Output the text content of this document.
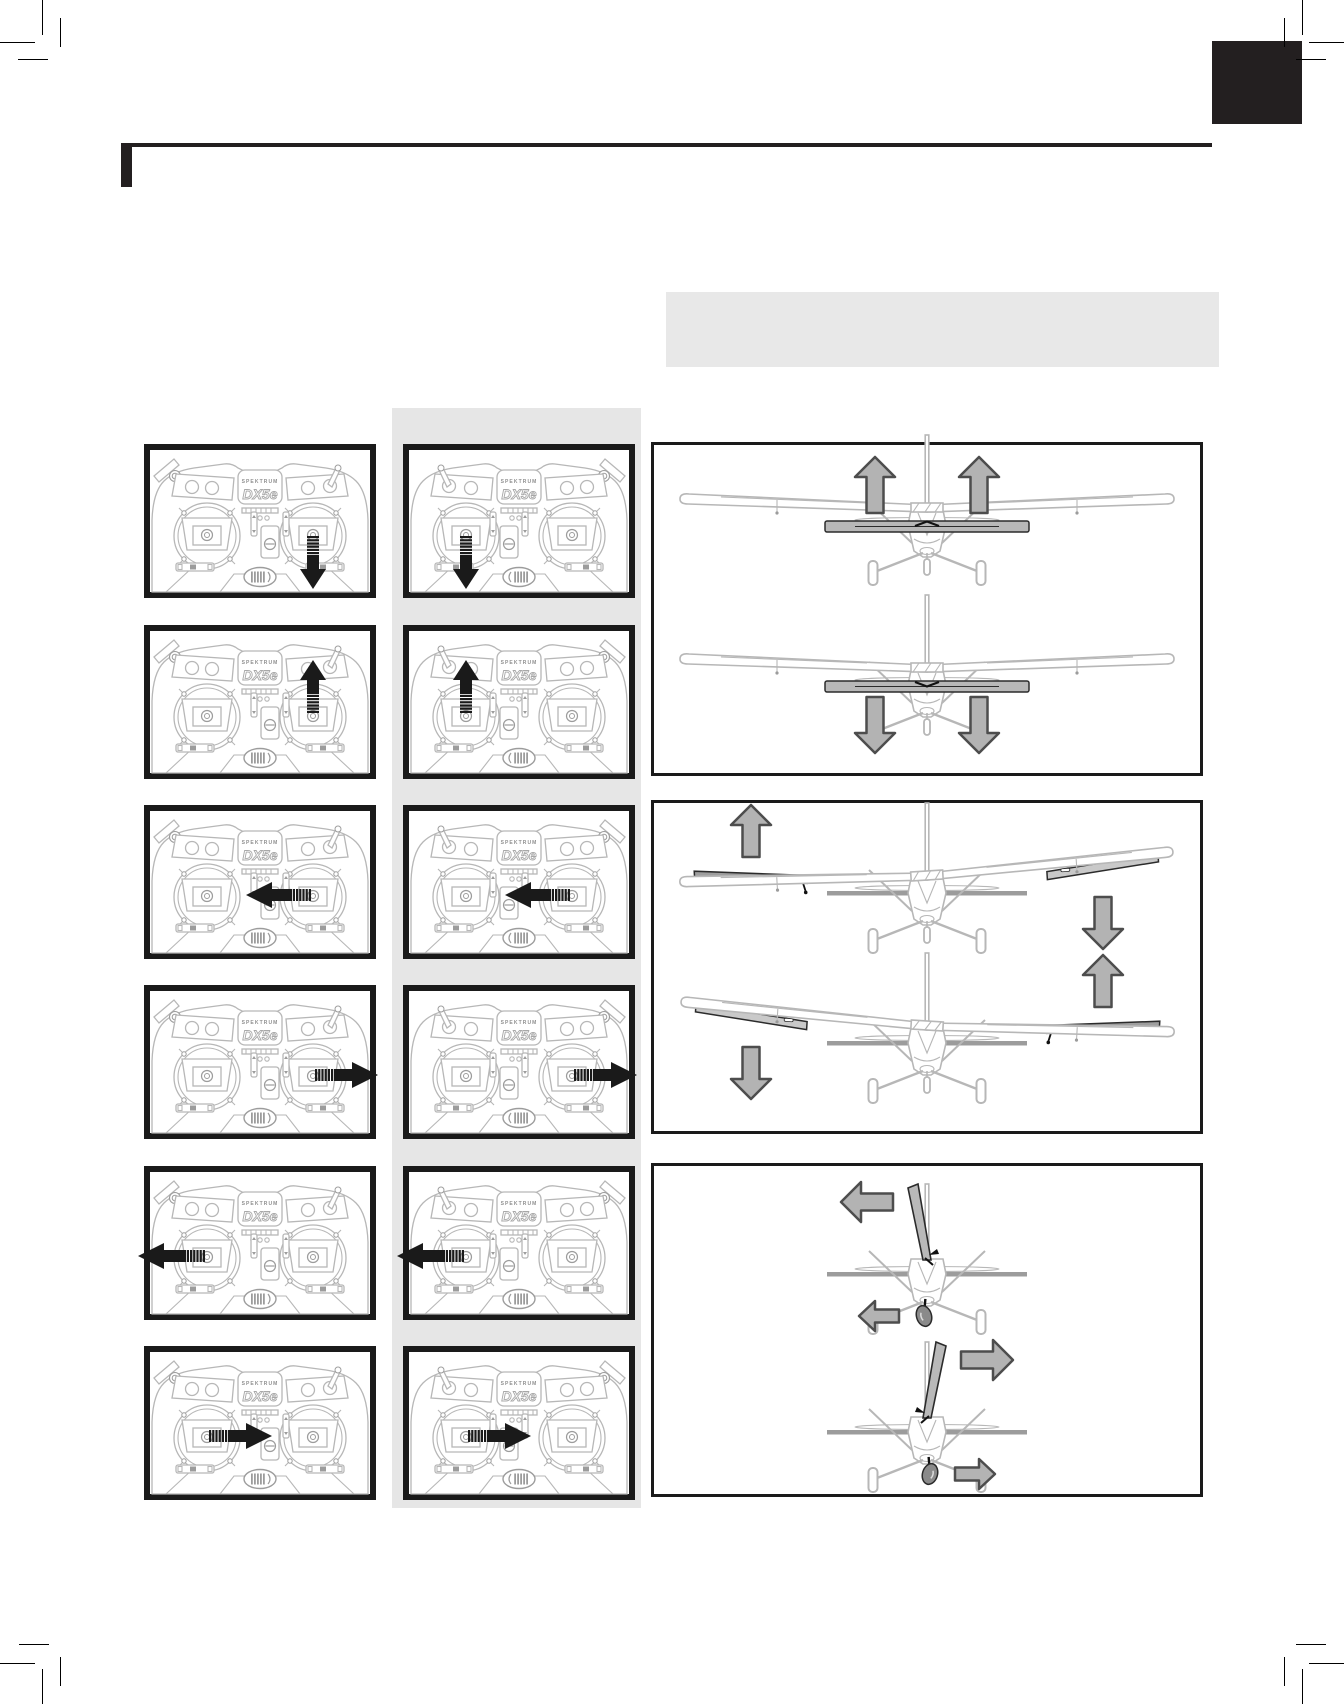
SPEKTRUM
DX5e
SPEKTRUM
DX5e
SPEKTRUM
DX5e
SPEKTRUM
DX5e
SPEKTRUM
DX5e
SPEKTRUM
DX5e
SPEKTRUM
DX5e
SPEKTRUM
DX5e
SPEKTRUM
DX5e
SPEKTRUM
DX5e
SPEKTRUM
DX5e
SPEKTRUM
DX5e
